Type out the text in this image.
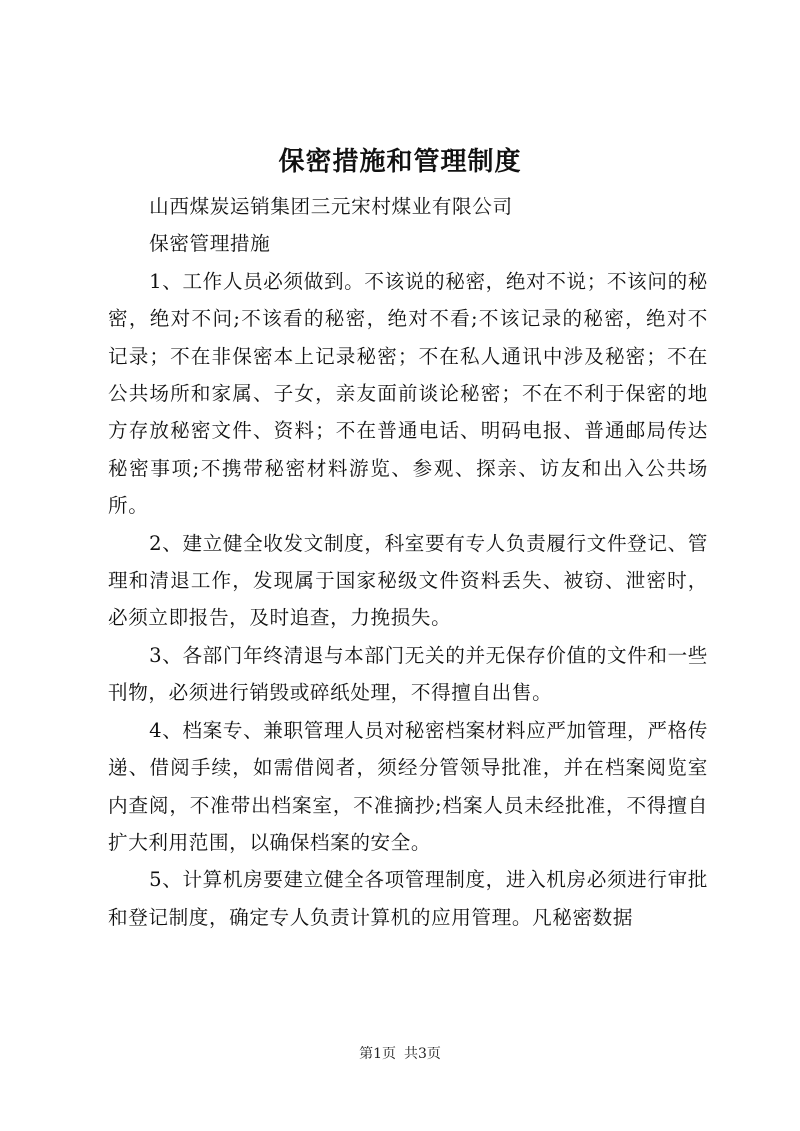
保密措施和管理制度

山西煤炭运销集团三元宋村煤业有限公司

保密管理措施

1、工作人员必须做到。不该说的秘密，绝对不说；不该问的秘密，绝对不问;不该看的秘密，绝对不看;不该记录的秘密，绝对不记录；不在非保密本上记录秘密；不在私人通讯中涉及秘密；不在公共场所和家属、子女，亲友面前谈论秘密；不在不利于保密的地方存放秘密文件、资料；不在普通电话、明码电报、普通邮局传达秘密事项;不携带秘密材料游览、参观、探亲、访友和出入公共场所。

2、建立健全收发文制度，科室要有专人负责履行文件登记、管理和清退工作，发现属于国家秘级文件资料丢失、被窃、泄密时，必须立即报告，及时追查，力挽损失。

3、各部门年终清退与本部门无关的并无保存价值的文件和一些刊物，必须进行销毁或碎纸处理，不得擅自出售。

4、档案专、兼职管理人员对秘密档案材料应严加管理，严格传递、借阅手续，如需借阅者，须经分管领导批准，并在档案阅览室内查阅，不准带出档案室，不准摘抄;档案人员未经批准，不得擅自扩大利用范围，以确保档案的安全。

5、计算机房要建立健全各项管理制度，进入机房必须进行审批和登记制度，确定专人负责计算机的应用管理。凡秘密数据

第1页 共3页
